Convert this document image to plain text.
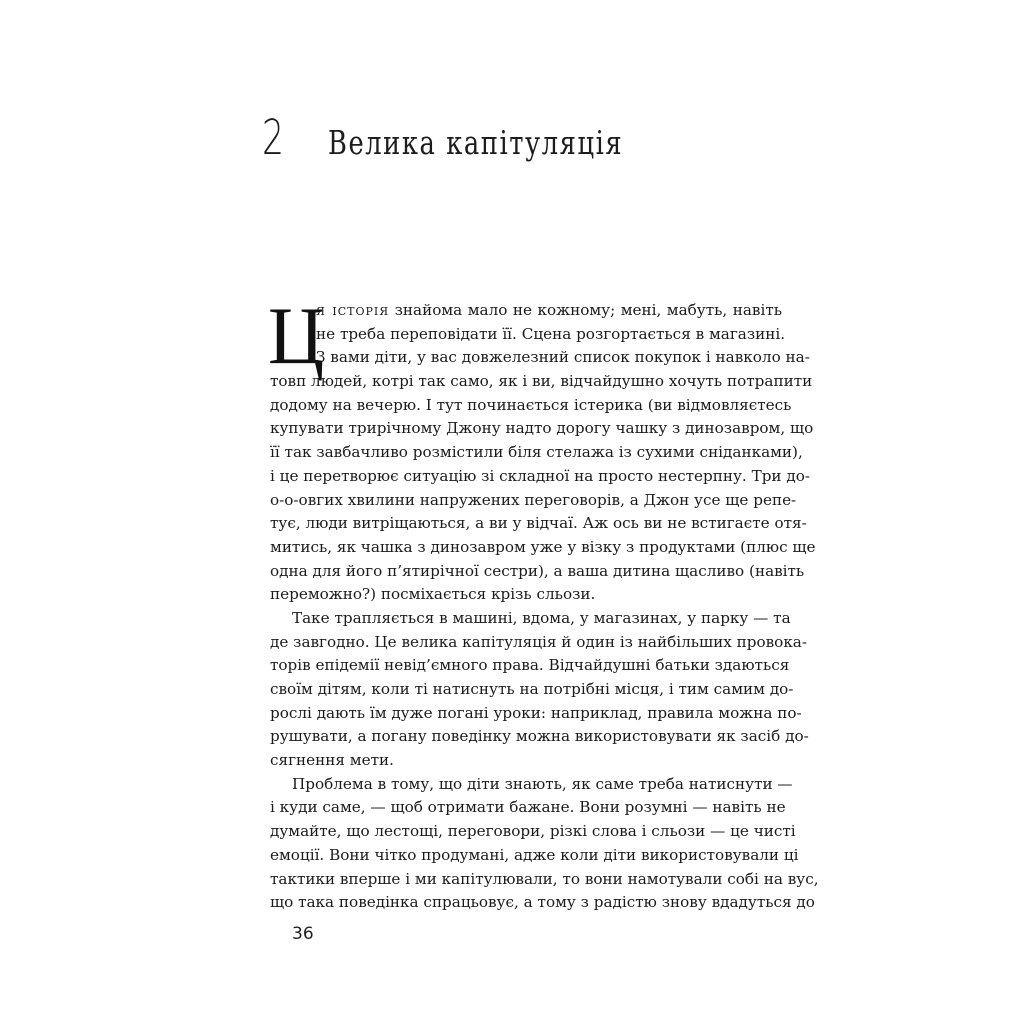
2 Велика капітуляція
Ц
я історія знайома мало не кожному; мені, мабуть, навіть
не треба переповідати її. Сцена розгортається в магазині.
З вами діти, у вас довжелезний список покупок і навколо на-
товп людей, котрі так само, як і ви, відчайдушно хочуть потрапити
додому на вечерю. І тут починається істерика (ви відмовляєтесь
купувати трирічному Джону надто дорогу чашку з динозавром, що
її так завбачливо розмістили біля стелажа із сухими сніданками),
і це перетворює ситуацію зі складної на просто нестерпну. Три до-
о-о-овгих хвилини напружених переговорів, а Джон усе ще репе-
тує, люди витріщаються, а ви у відчаї. Аж ось ви не встигаєте отя-
митись, як чашка з динозавром уже у візку з продуктами (плюс ще
одна для його п’ятирічної сестри), а ваша дитина щасливо (навіть
переможно?) посміхається крізь сльози.
Таке трапляється в машині, вдома, у магазинах, у парку — та
де завгодно. Це велика капітуляція й один із найбільших провока-
торів епідемії невід’ємного права. Відчайдушні батьки здаються
своїм дітям, коли ті натиснуть на потрібні місця, і тим самим до-
рослі дають їм дуже погані уроки: наприклад, правила можна по-
рушувати, а погану поведінку можна використовувати як засіб до-
сягнення мети.
Проблема в тому, що діти знають, як саме треба натиснути —
і куди саме, — щоб отримати бажане. Вони розумні — навіть не
думайте, що лестощі, переговори, різкі слова і сльози — це чисті
емоції. Вони чітко продумані, адже коли діти використовували ці
тактики вперше і ми капітулювали, то вони намотували собі на вус,
що така поведінка спрацьовує, а тому з радістю знову вдадуться до
36
